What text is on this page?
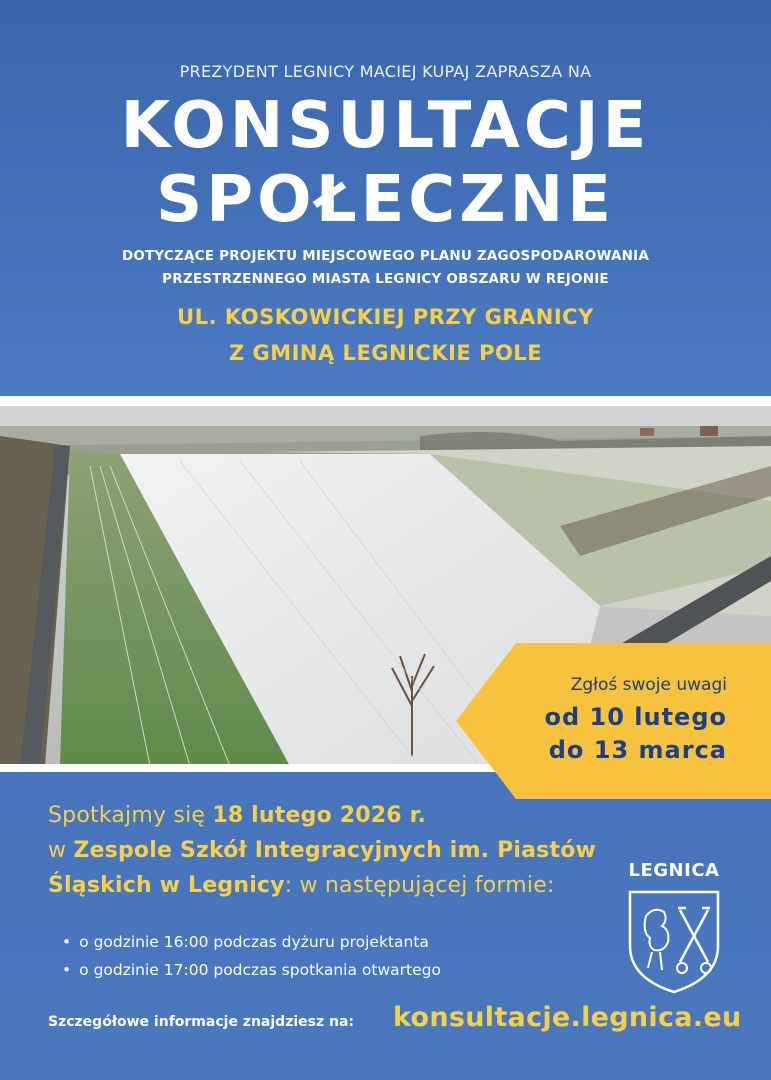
PREZYDENT LEGNICY MACIEJ KUPAJ ZAPRASZA NA
KONSULTACJE
SPOŁECZNE
DOTYCZĄCE PROJEKTU MIEJSCOWEGO PLANU ZAGOSPODAROWANIA
PRZESTRZENNEGO MIASTA LEGNICY OBSZARU W REJONIE
UL. KOSKOWICKIEJ PRZY GRANICY
Z GMINĄ LEGNICKIE POLE
Zgłoś swoje uwagi
od 10 lutego
do 13 marca
Spotkajmy się 18 lutego 2026 r.
w Zespole Szkół Integracyjnych im. Piastów
Śląskich w Legnicy: w następującej formie:
• o godzinie 16:00 podczas dyżuru projektanta
• o godzinie 17:00 podczas spotkania otwartego
Szczegółowe informacje znajdziesz na: konsultacje.legnica.eu
LEGNICA
